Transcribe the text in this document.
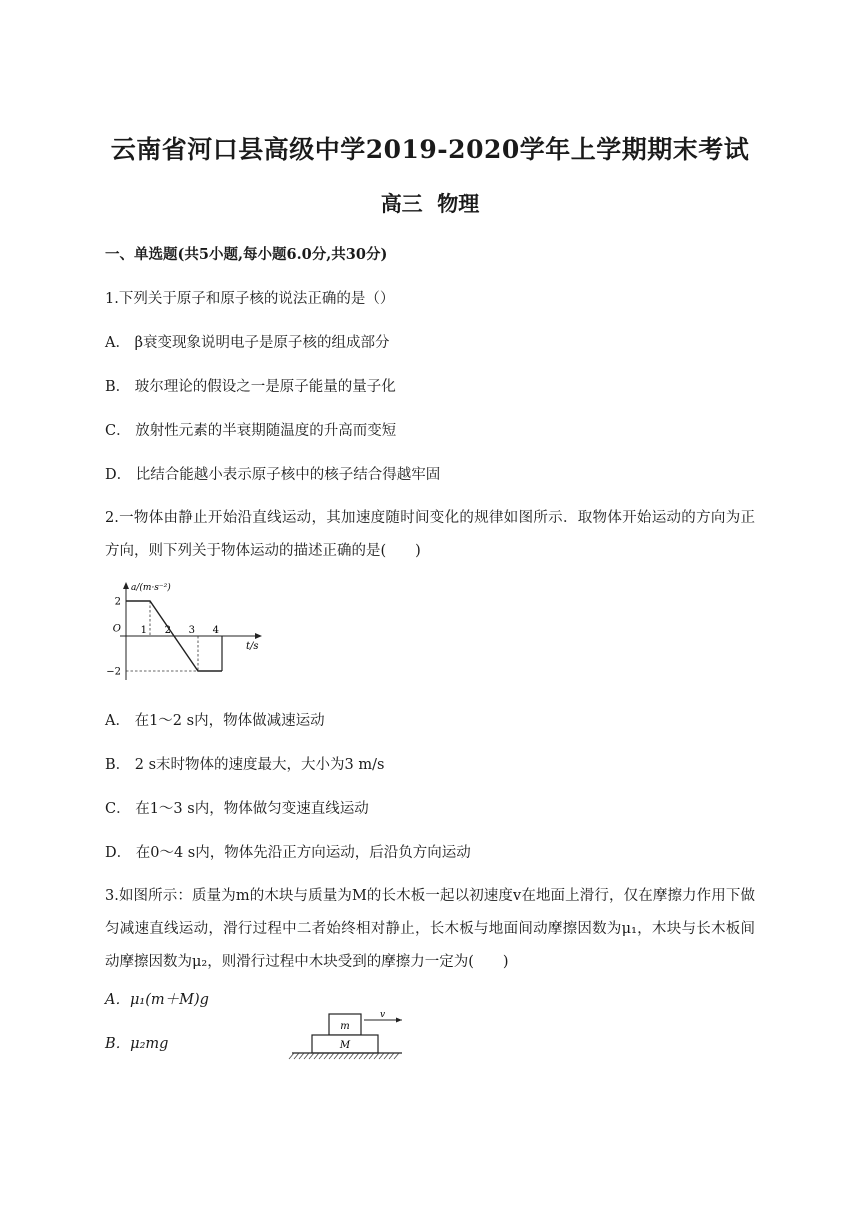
云南省河口县高级中学2019-2020学年上学期期末考试
高三  物理
一、单选题(共5小题,每小题6.0分,共30分)
1.下列关于原子和原子核的说法正确的是（）
A． β衰变现象说明电子是原子核的组成部分
B． 玻尔理论的假设之一是原子能量的量子化
C． 放射性元素的半衰期随温度的升高而变短
D． 比结合能越小表示原子核中的核子结合得越牢固
2.一物体由静止开始沿直线运动，其加速度随时间变化的规律如图所示．取物体开始运动的方向为正方向，则下列关于物体运动的描述正确的是(　　)
1 2 3 4
2
−2
O
a/(m·s⁻²)
t/s
A． 在1～2 s内，物体做减速运动
B． 2 s末时物体的速度最大，大小为3 m/s
C． 在1～3 s内，物体做匀变速直线运动
D． 在0～4 s内，物体先沿正方向运动，后沿负方向运动
3.如图所示：质量为m的木块与质量为M的长木板一起以初速度v在地面上滑行，仅在摩擦力作用下做匀减速直线运动，滑行过程中二者始终相对静止，长木板与地面间动摩擦因数为μ₁，木块与长木板间动摩擦因数为μ₂，则滑行过程中木块受到的摩擦力一定为(　　)
A．μ₁(m＋M)g
B．μ₂mg
m
M
v
